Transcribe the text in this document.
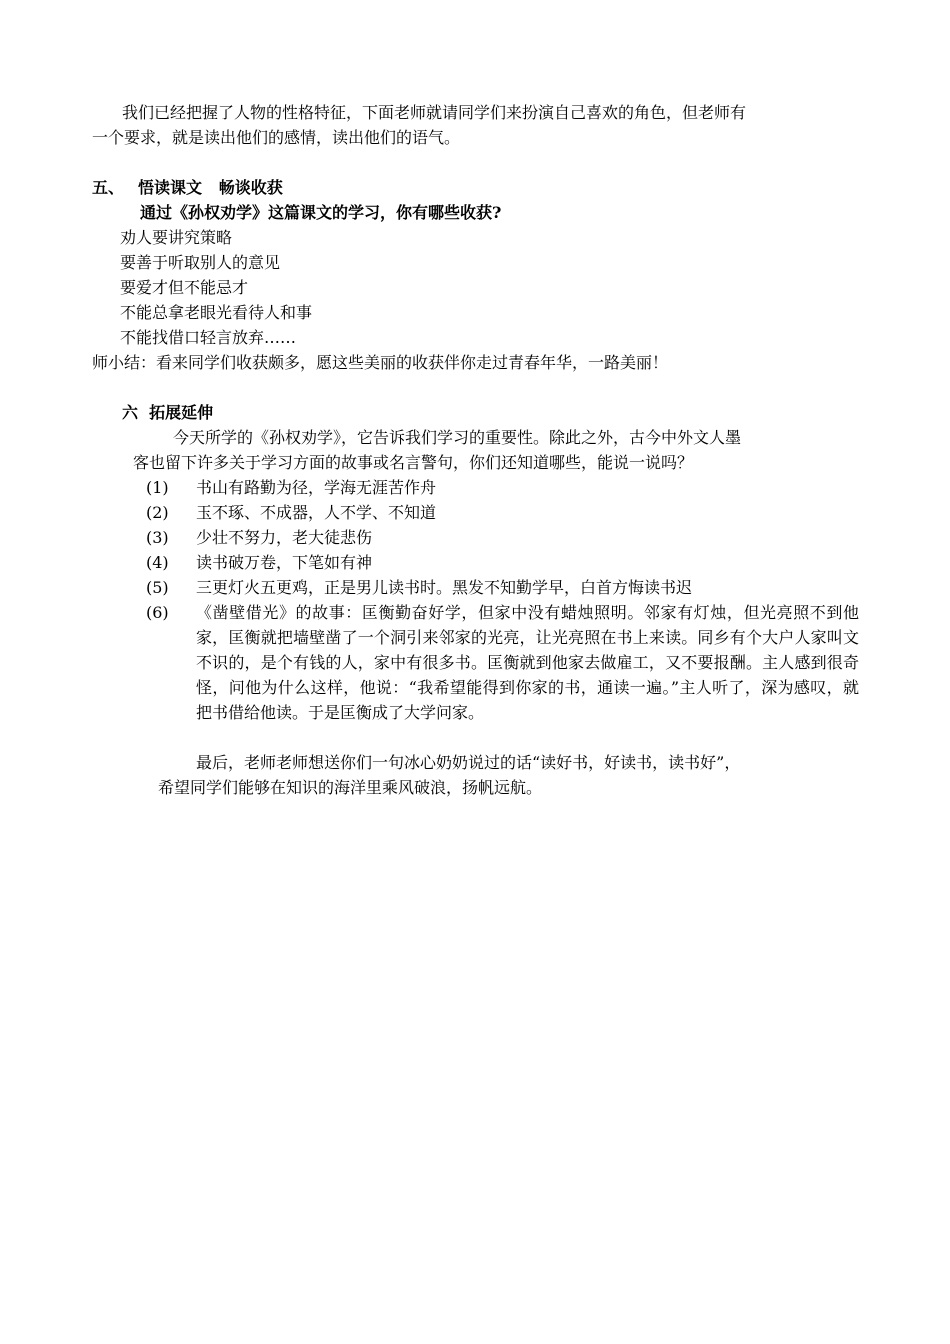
我们已经把握了人物的性格特征，下面老师就请同学们来扮演自己喜欢的角色，但老师有
一个要求，就是读出他们的感情，读出他们的语气。
五、 悟读课文   畅谈收获
通过《孙权劝学》这篇课文的学习，你有哪些收获?
劝人要讲究策略
要善于听取别人的意见
要爱才但不能忌才
不能总拿老眼光看待人和事
不能找借口轻言放弃……
师小结：看来同学们收获颇多，愿这些美丽的收获伴你走过青春年华，一路美丽！
六  拓展延伸
今天所学的《孙权劝学》，它告诉我们学习的重要性。除此之外，古今中外文人墨
客也留下许多关于学习方面的故事或名言警句，你们还知道哪些，能说一说吗？
(1) 书山有路勤为径，学海无涯苦作舟
(2) 玉不琢、不成器，人不学、不知道
(3) 少壮不努力，老大徒悲伤
(4) 读书破万卷，下笔如有神
(5) 三更灯火五更鸡，正是男儿读书时。黑发不知勤学早，白首方悔读书迟
(6) 《凿壁借光》的故事：匡衡勤奋好学，但家中没有蜡烛照明。邻家有灯烛，但光亮照不到他家，匡衡就把墙壁凿了一个洞引来邻家的光亮，让光亮照在书上来读。同乡有个大户人家叫文不识的，是个有钱的人，家中有很多书。匡衡就到他家去做雇工，又不要报酬。主人感到很奇怪，问他为什么这样，他说：“我希望能得到你家的书，通读一遍。”主人听了，深为感叹，就把书借给他读。于是匡衡成了大学问家。
最后，老师老师想送你们一句冰心奶奶说过的话“读好书，好读书，读书好”，
希望同学们能够在知识的海洋里乘风破浪，扬帆远航。
